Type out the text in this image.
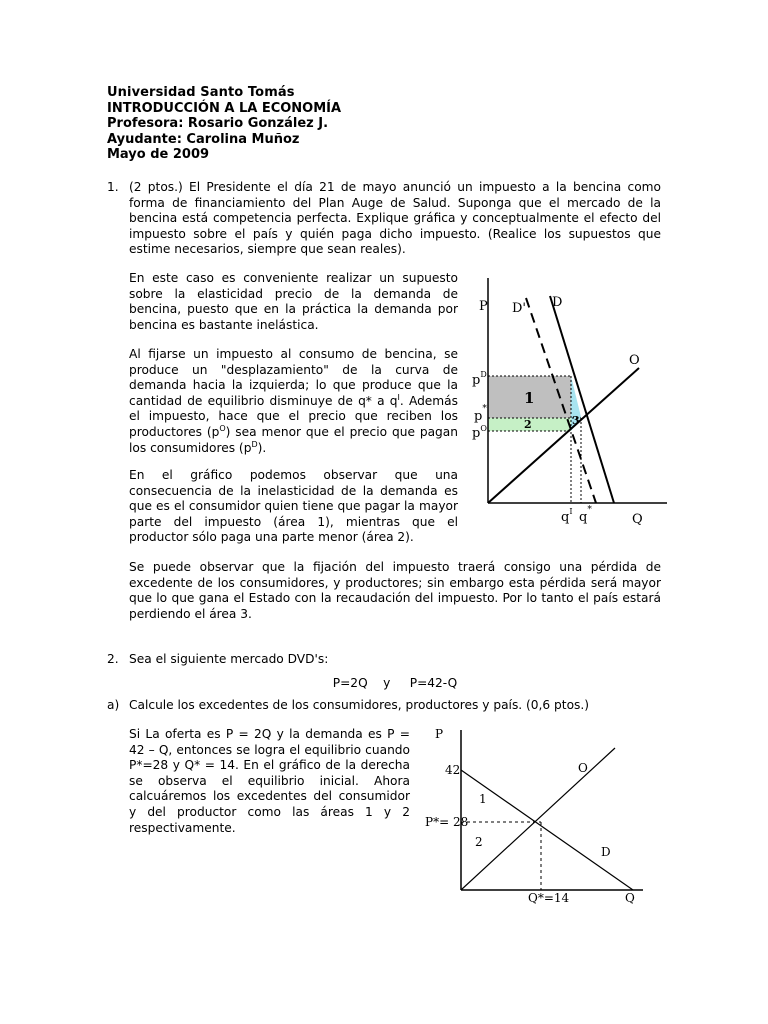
Universidad Santo Tomás
INTRODUCCIÓN A LA ECONOMÍA
Profesora: Rosario González J.
Ayudante: Carolina Muñoz
Mayo de 2009
1. (2 ptos.) El Presidente el día 21 de mayo anunció un impuesto a la bencina como forma de financiamiento del Plan Auge de Salud. Suponga que el mercado de la bencina está competencia perfecta. Explique gráfica y conceptualmente el efecto del impuesto sobre el país y quién paga dicho impuesto. (Realice los supuestos que estime necesarios, siempre que sean reales).
En este caso es conveniente realizar un supuesto sobre la elasticidad precio de la demanda de bencina, puesto que en la práctica la demanda por bencina es bastante inelástica.
Al fijarse un impuesto al consumo de bencina, se produce un "desplazamiento" de la curva de demanda hacia la izquierda; lo que produce que la cantidad de equilibrio disminuye de q* a $q^I$. Además el impuesto, hace que el precio que reciben los productores $(p^O)$ sea menor que el precio que pagan los consumidores $(p^D)$.
En el gráfico podemos observar que una consecuencia de la inelasticidad de la demanda es que es el consumidor quien tiene que pagar la mayor parte del impuesto (área 1), mientras que el productor sólo paga una parte menor (área 2).
Se puede observar que la fijación del impuesto traerá consigo una pérdida de excedente de los consumidores, y productores; sin embargo esta pérdida será mayor que lo que gana el Estado con la recaudación del impuesto. Por lo tanto el país estará perdiendo el área 3.
P
Q
D' D
O
$p^D$
p*
$p^O$
1
2	3
$q^I$ q*
2. Sea el siguiente mercado DVD's:
P=2Q    y     P=42-Q
a) Calcule los excedentes de los consumidores, productores y país. (0,6 ptos.)
Si La oferta es P = 2Q y la demanda es P = 42 – Q, entonces se logra el equilibrio cuando P*=28 y Q* = 14. En el gráfico de la derecha se observa el equilibrio inicial. Ahora calcuáremos los excedentes del consumidor y del productor como las áreas 1 y 2 respectivamente.
P
Q
42	O
D
1
2
P*= 28
Q*=14
